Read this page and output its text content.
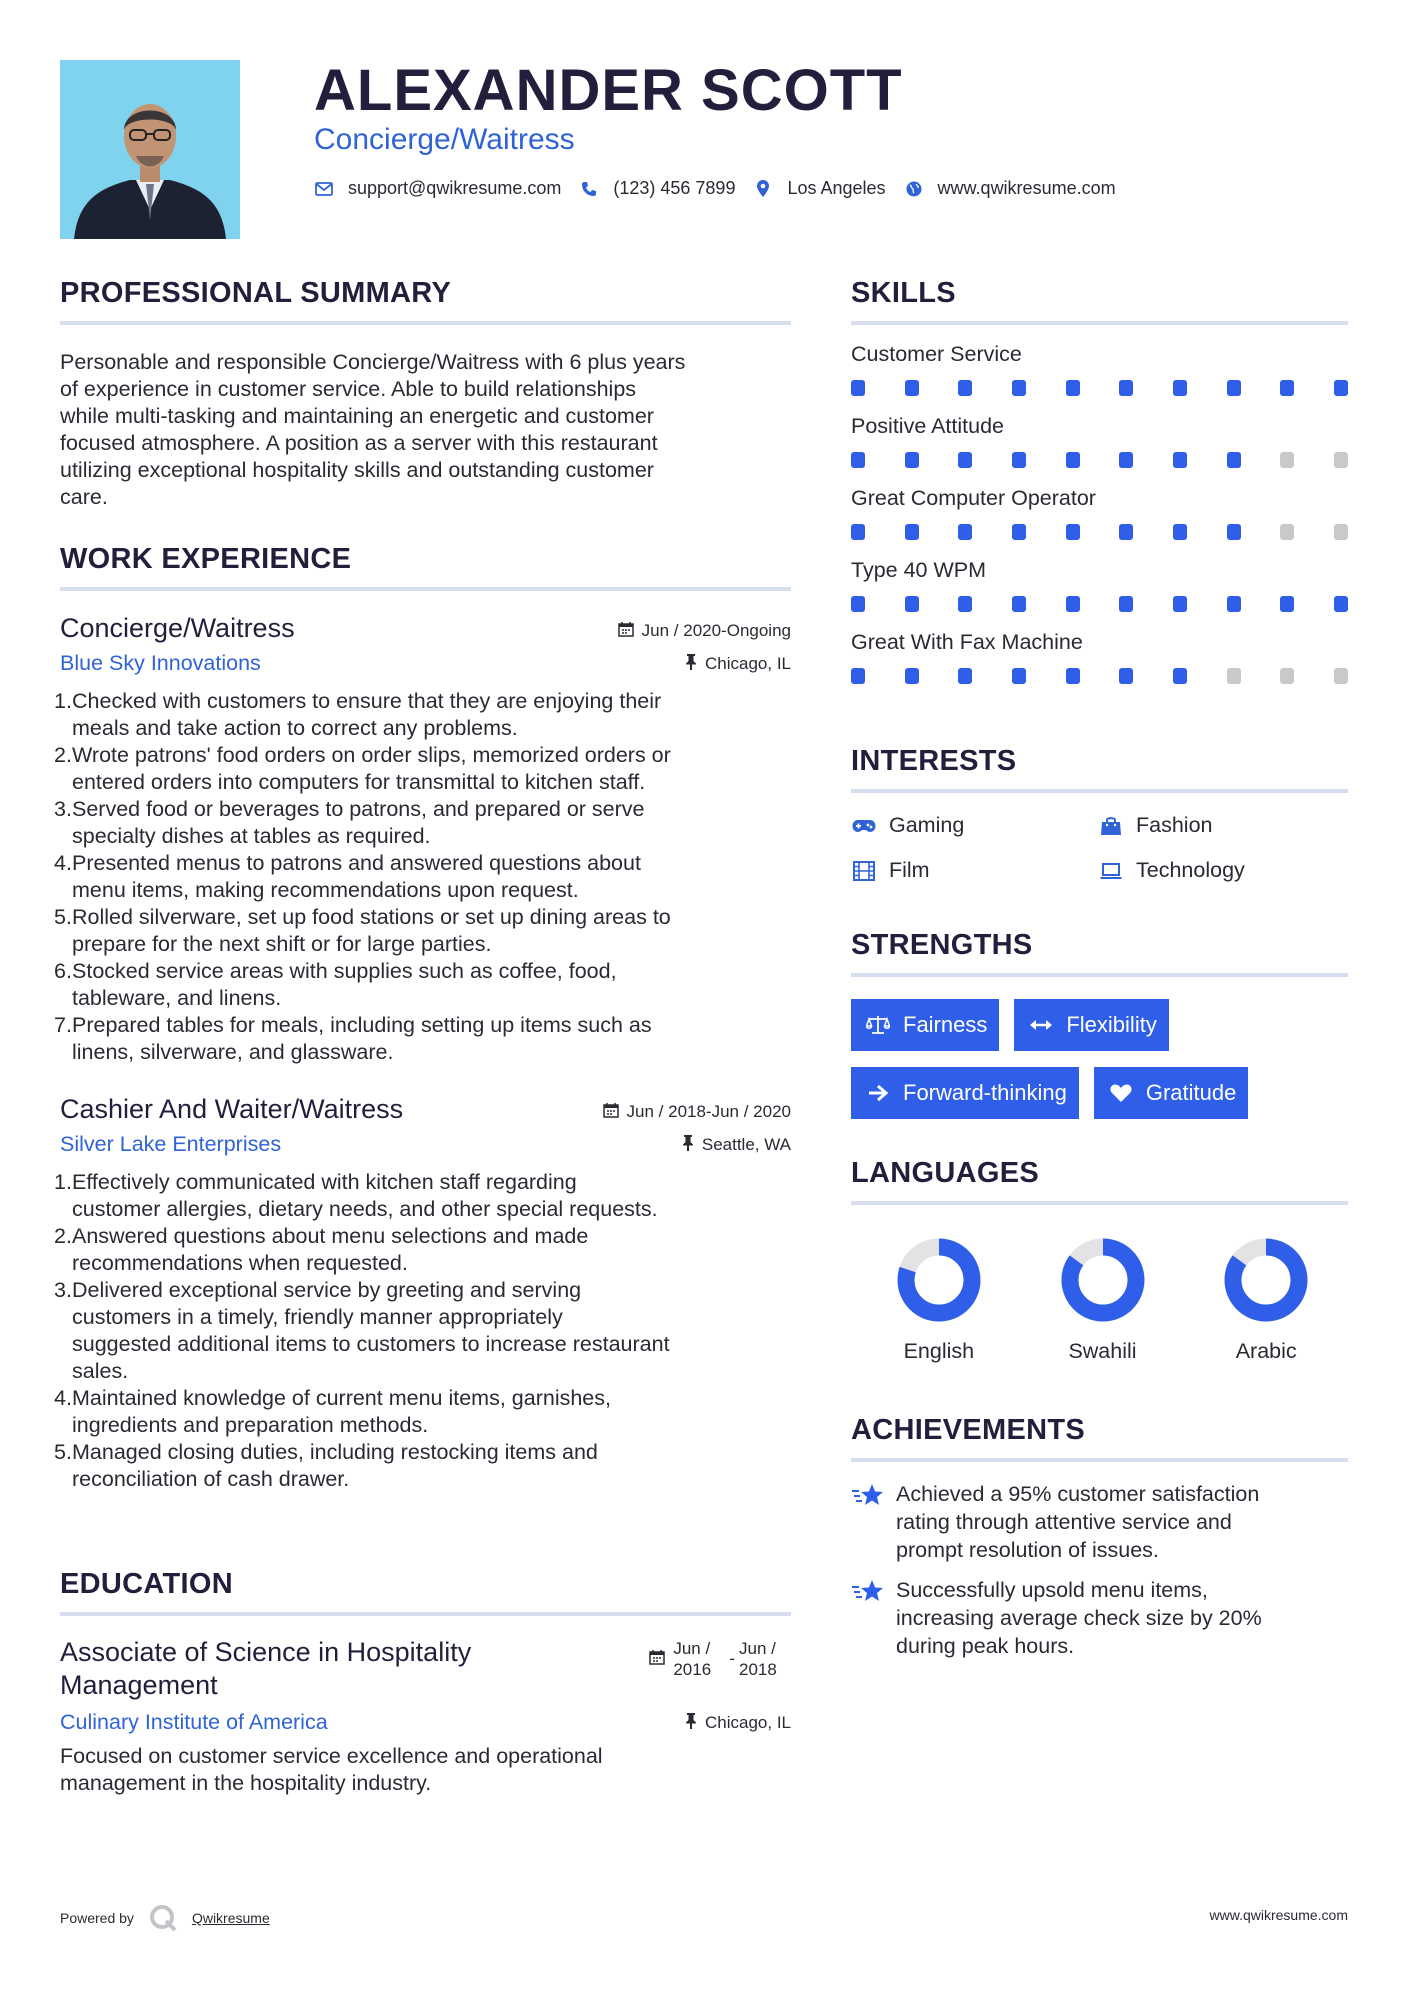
ALEXANDER SCOTT
Concierge/Waitress
support@qwikresume.com	(123) 456 7899	Los Angeles	www.qwikresume.com
PROFESSIONAL SUMMARY
Personable and responsible Concierge/Waitress with 6 plus years
of experience in customer service. Able to build relationships
while multi-tasking and maintaining an energetic and customer
focused atmosphere. A position as a server with this restaurant
utilizing exceptional hospitality skills and outstanding customer
care.
WORK EXPERIENCE
Concierge/Waitress	Jun / 2020-Ongoing
Blue Sky Innovations	Chicago, IL
1. Checked with customers to ensure that they are enjoying their
meals and take action to correct any problems.
2. Wrote patrons' food orders on order slips, memorized orders or
entered orders into computers for transmittal to kitchen staff.
3. Served food or beverages to patrons, and prepared or serve
specialty dishes at tables as required.
4. Presented menus to patrons and answered questions about
menu items, making recommendations upon request.
5. Rolled silverware, set up food stations or set up dining areas to
prepare for the next shift or for large parties.
6. Stocked service areas with supplies such as coffee, food,
tableware, and linens.
7. Prepared tables for meals, including setting up items such as
linens, silverware, and glassware.
Cashier And Waiter/Waitress	Jun / 2018-Jun / 2020
Silver Lake Enterprises	Seattle, WA
1. Effectively communicated with kitchen staff regarding
customer allergies, dietary needs, and other special requests.
2. Answered questions about menu selections and made
recommendations when requested.
3. Delivered exceptional service by greeting and serving
customers in a timely, friendly manner appropriately
suggested additional items to customers to increase restaurant
sales.
4. Maintained knowledge of current menu items, garnishes,
ingredients and preparation methods.
5. Managed closing duties, including restocking items and
reconciliation of cash drawer.
EDUCATION
Associate of Science in Hospitality
Management
Jun /
2016
-
Jun /
2018
Culinary Institute of America	Chicago, IL
Focused on customer service excellence and operational
management in the hospitality industry.
SKILLS
Customer Service
Positive Attitude
Great Computer Operator
Type 40 WPM
Great With Fax Machine
INTERESTS
Gaming	Fashion
Film	Technology
STRENGTHS
Fairness	Flexibility
Forward-thinking	Gratitude
LANGUAGES
English	Swahili	Arabic
ACHIEVEMENTS
Achieved a 95% customer satisfaction
rating through attentive service and
prompt resolution of issues.
Successfully upsold menu items,
increasing average check size by 20%
during peak hours.
Powered by	Qwikresume	www.qwikresume.com
